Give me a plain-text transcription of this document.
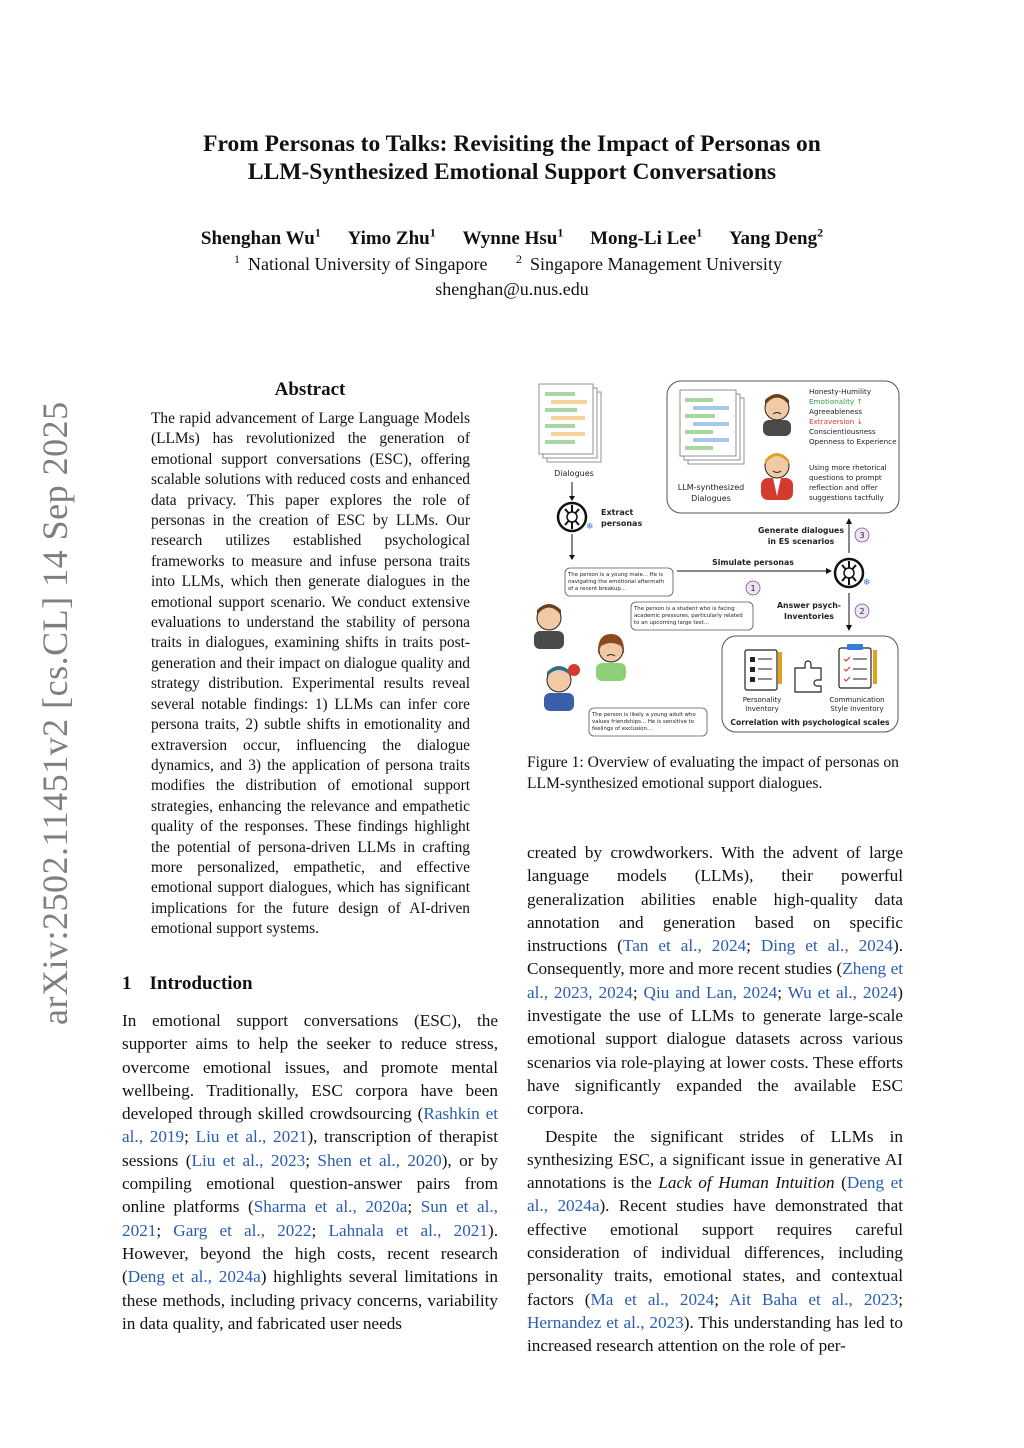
From Personas to Talks: Revisiting the Impact of Personas on
LLM-Synthesized Emotional Support Conversations
Shenghan Wu$^1$ Yimo Zhu$^1$ Wynne Hsu$^1$ Mong-Li Lee$^1$ Yang Deng$^2$
$^1$ National University of Singapore $^2$ Singapore Management University
shenghan@u.nus.edu
arXiv:2502.11451v2 [cs.CL] 14 Sep 2025
Abstract
The rapid advancement of Large Language Models (LLMs) has revolutionized the generation of emotional support conversations (ESC), offering scalable solutions with reduced costs and enhanced data privacy. This paper explores the role of personas in the creation of ESC by LLMs. Our research utilizes established psychological frameworks to measure and infuse persona traits into LLMs, which then generate dialogues in the emotional support scenario. We conduct extensive evaluations to understand the stability of persona traits in dialogues, examining shifts in traits post-generation and their impact on dialogue quality and strategy distribution. Experimental results reveal several notable findings: 1) LLMs can infer core persona traits, 2) subtle shifts in emotionality and extraversion occur, influencing the dialogue dynamics, and 3) the application of persona traits modifies the distribution of emotional support strategies, enhancing the relevance and empathetic quality of the responses. These findings highlight the potential of persona-driven LLMs in crafting more personalized, empathetic, and effective emotional support dialogues, which has significant implications for the future design of AI-driven emotional support systems.
1 Introduction

In emotional support conversations (ESC), the supporter aims to help the seeker to reduce stress, overcome emotional issues, and promote mental wellbeing. Traditionally, ESC corpora have been developed through skilled crowdsourcing (Rashkin et al., 2019; Liu et al., 2021), transcription of therapist sessions (Liu et al., 2023; Shen et al., 2020), or by compiling emotional question-answer pairs from online platforms (Sharma et al., 2020a; Sun et al., 2021; Garg et al., 2022; Lahnala et al., 2021). However, beyond the high costs, recent research (Deng et al., 2024a) highlights several limitations in these methods, including privacy concerns, variability in data quality, and fabricated user needs

created by crowdworkers. With the advent of large language models (LLMs), their powerful generalization abilities enable high-quality data annotation and generation based on specific instructions (Tan et al., 2024; Ding et al., 2024). Consequently, more and more recent studies (Zheng et al., 2023, 2024; Qiu and Lan, 2024; Wu et al., 2024) investigate the use of LLMs to generate large-scale emotional support dialogue datasets across various scenarios via role-playing at lower costs. These efforts have significantly expanded the available ESC corpora.

Despite the significant strides of LLMs in synthesizing ESC, a significant issue in generative AI annotations is the Lack of Human Intuition (Deng et al., 2024a). Recent studies have demonstrated that effective emotional support requires careful consideration of individual differences, including personality traits, emotional states, and contextual factors (Ma et al., 2024; Ait Baha et al., 2023; Hernandez et al., 2023). This understanding has led to increased research attention on the role of per-

Dialogues
❄
Extract
personas
LLM-synthesized
Dialogues
Honesty-Humility
Emotionality ↑
Agreeableness
Extraversion ↓
Conscientiousness
Openness to Experience
Using more rhetorical
questions to prompt
reflection and offer
suggestions tactfully
Generate dialogues
in ES scenarios
3
❄
Simulate personas
1
Answer psych-
Inventories
2
The person is a young male... He is
navigating the emotional aftermath
of a recent breakup...
The person is a student who is facing
academic pressures, particularly related
to an upcoming large test...
The person is likely a young adult who
values friendships... He is sensitive to
feelings of exclusion...
Personality
Inventory
Communication
Style Inventory
Correlation with psychological scales
Figure 1: Overview of evaluating the impact of personas on LLM-synthesized emotional support dialogues.
